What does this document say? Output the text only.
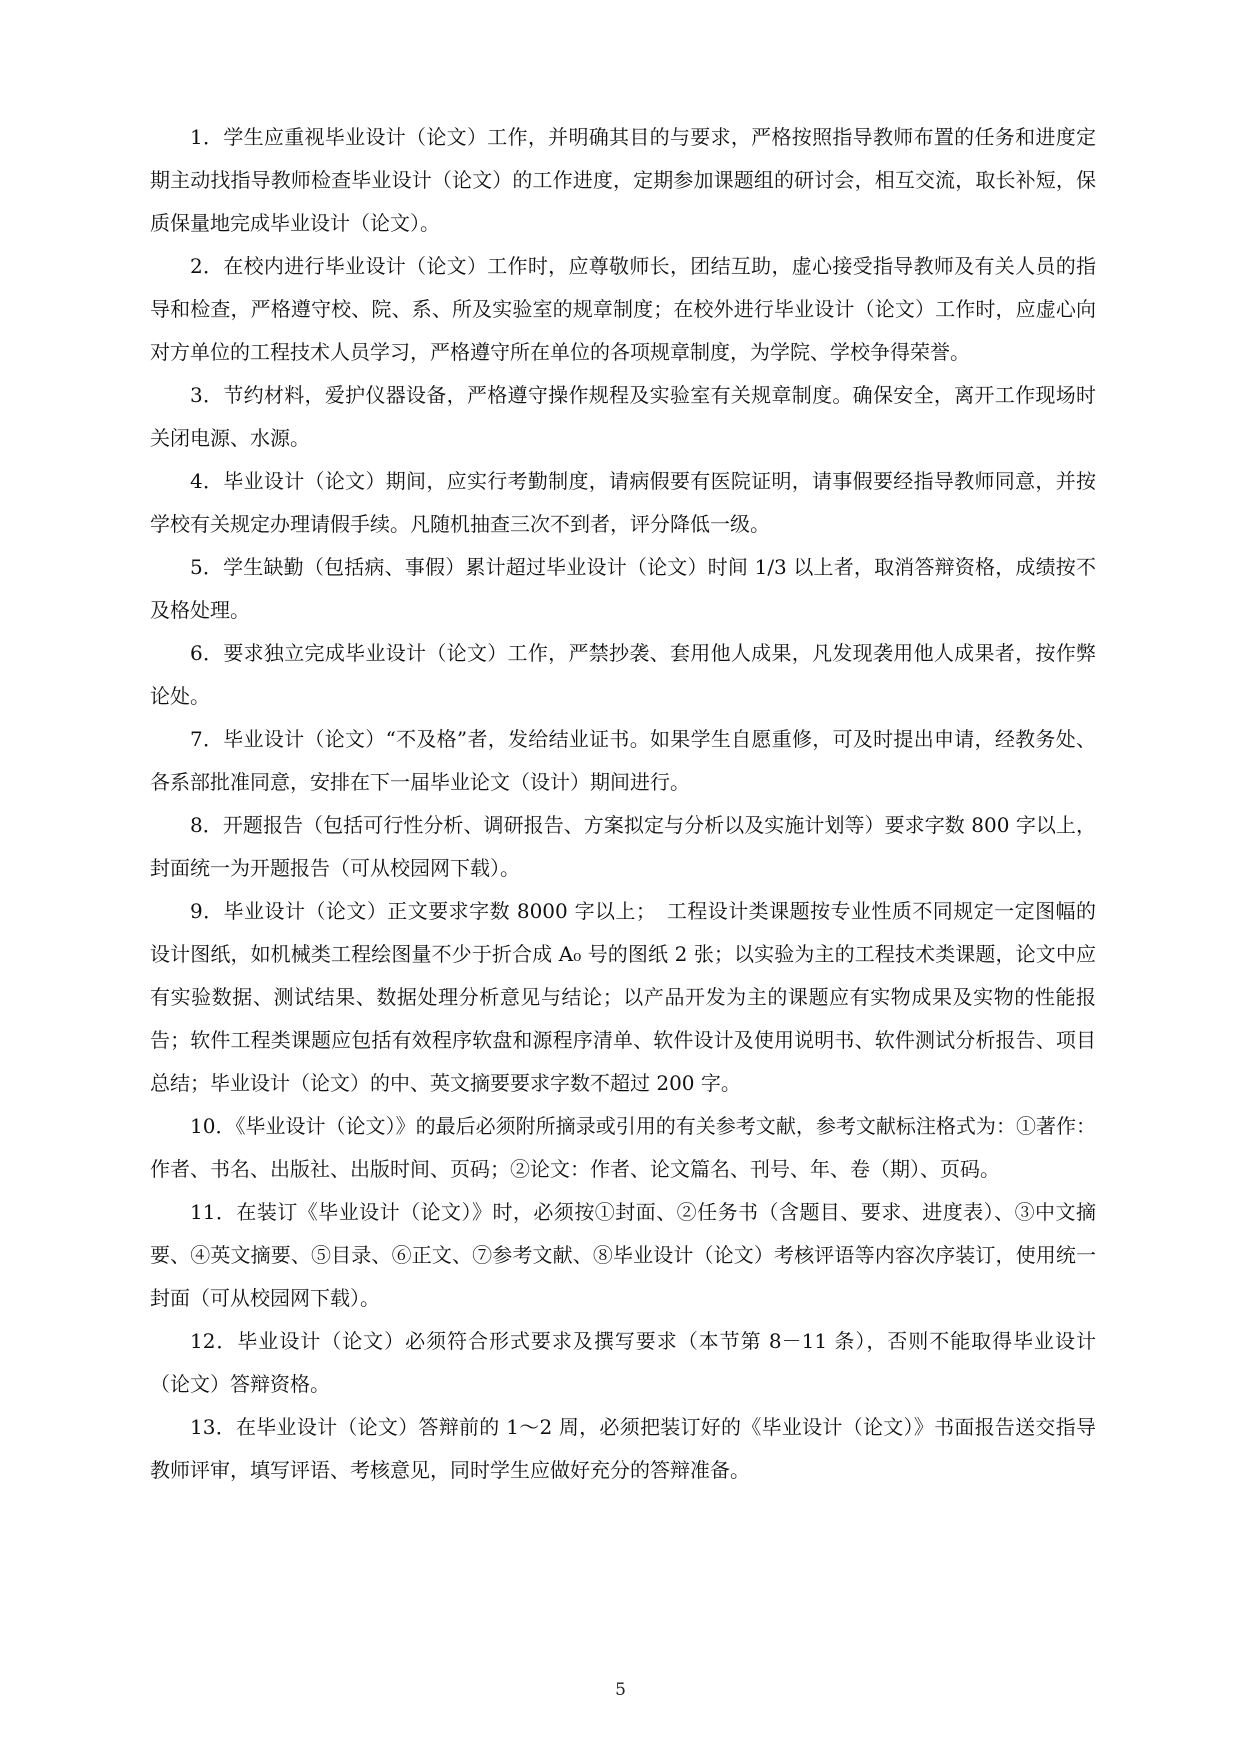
1．学生应重视毕业设计（论文）工作，并明确其目的与要求，严格按照指导教师布置的任务和进度定期主动找指导教师检查毕业设计（论文）的工作进度，定期参加课题组的研讨会，相互交流，取长补短，保质保量地完成毕业设计（论文）。

2．在校内进行毕业设计（论文）工作时，应尊敬师长，团结互助，虚心接受指导教师及有关人员的指导和检查，严格遵守校、院、系、所及实验室的规章制度；在校外进行毕业设计（论文）工作时，应虚心向对方单位的工程技术人员学习，严格遵守所在单位的各项规章制度，为学院、学校争得荣誉。

3．节约材料，爱护仪器设备，严格遵守操作规程及实验室有关规章制度。确保安全，离开工作现场时关闭电源、水源。

4．毕业设计（论文）期间，应实行考勤制度，请病假要有医院证明，请事假要经指导教师同意，并按学校有关规定办理请假手续。凡随机抽查三次不到者，评分降低一级。

5．学生缺勤（包括病、事假）累计超过毕业设计（论文）时间 1/3 以上者，取消答辩资格，成绩按不及格处理。

6．要求独立完成毕业设计（论文）工作，严禁抄袭、套用他人成果，凡发现袭用他人成果者，按作弊论处。

7．毕业设计（论文）“不及格”者，发给结业证书。如果学生自愿重修，可及时提出申请，经教务处、各系部批准同意，安排在下一届毕业论文（设计）期间进行。

8．开题报告（包括可行性分析、调研报告、方案拟定与分析以及实施计划等）要求字数 800 字以上，封面统一为开题报告（可从校园网下载）。

9．毕业设计（论文）正文要求字数 8000 字以上；　工程设计类课题按专业性质不同规定一定图幅的设计图纸，如机械类工程绘图量不少于折合成 A₀ 号的图纸 2 张；以实验为主的工程技术类课题，论文中应有实验数据、测试结果、数据处理分析意见与结论；以产品开发为主的课题应有实物成果及实物的性能报告；软件工程类课题应包括有效程序软盘和源程序清单、软件设计及使用说明书、软件测试分析报告、项目总结；毕业设计（论文）的中、英文摘要要求字数不超过 200 字。

10．《毕业设计（论文）》的最后必须附所摘录或引用的有关参考文献，参考文献标注格式为：①著作：作者、书名、出版社、出版时间、页码；②论文：作者、论文篇名、刊号、年、卷（期）、页码。

11．在装订《毕业设计（论文）》时，必须按①封面、②任务书（含题目、要求、进度表）、③中文摘要、④英文摘要、⑤目录、⑥正文、⑦参考文献、⑧毕业设计（论文）考核评语等内容次序装订，使用统一封面（可从校园网下载）。

12．毕业设计（论文）必须符合形式要求及撰写要求（本节第 8－11 条），否则不能取得毕业设计（论文）答辩资格。

13．在毕业设计（论文）答辩前的 1～2 周，必须把装订好的《毕业设计（论文）》书面报告送交指导教师评审，填写评语、考核意见，同时学生应做好充分的答辩准备。

5
